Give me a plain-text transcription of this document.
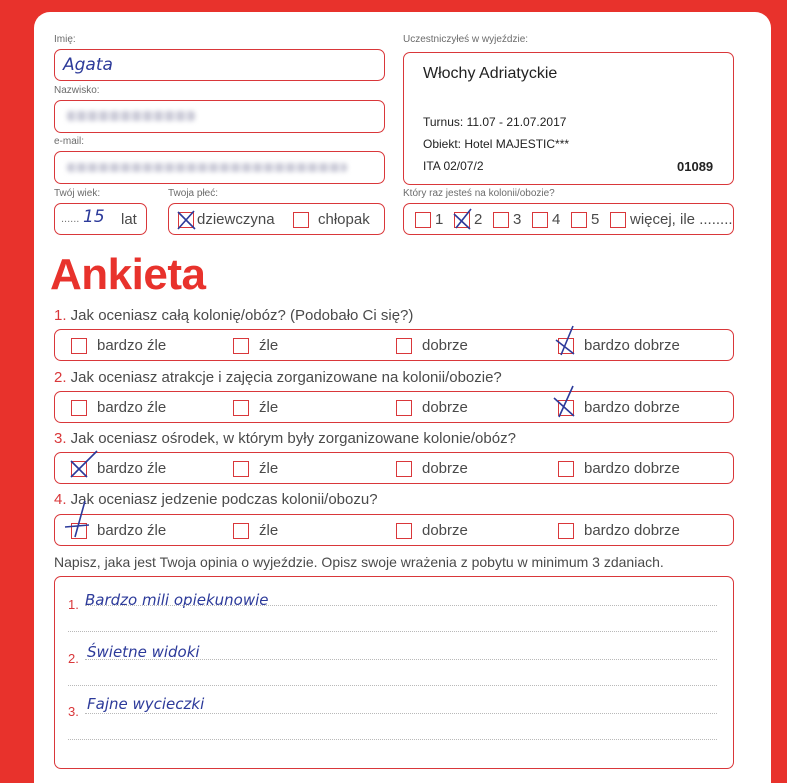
Imię:
Agata
Nazwisko:
e-mail:
Twój wiek:
...... 15 lat
Twoja płeć:
dziewczyna	chłopak
Uczestniczyłeś w wyjeździe:
Włochy Adriatyckie
Turnus: 11.07 - 21.07.2017
Obiekt: Hotel MAJESTIC***
ITA 02/07/2	01089
Który raz jesteś na kolonii/obozie?
1 2 3 4 5 więcej, ile ........
Ankieta
1. Jak oceniasz całą kolonię/obóz? (Podobało Ci się?)
bardzo źle	źle	dobrze	bardzo dobrze
2. Jak oceniasz atrakcje i zajęcia zorganizowane na kolonii/obozie?
bardzo źle	źle	dobrze	bardzo dobrze
3. Jak oceniasz ośrodek, w którym były zorganizowane kolonie/obóz?
bardzo źle	źle	dobrze	bardzo dobrze
4. Jak oceniasz jedzenie podczas kolonii/obozu?
bardzo źle	źle	dobrze	bardzo dobrze
Napisz, jaka jest Twoja opinia o wyjeździe. Opisz swoje wrażenia z pobytu w minimum 3 zdaniach.
1. Bardzo mili opiekunowie
2. Świetne widoki
3. Fajne wycieczki
